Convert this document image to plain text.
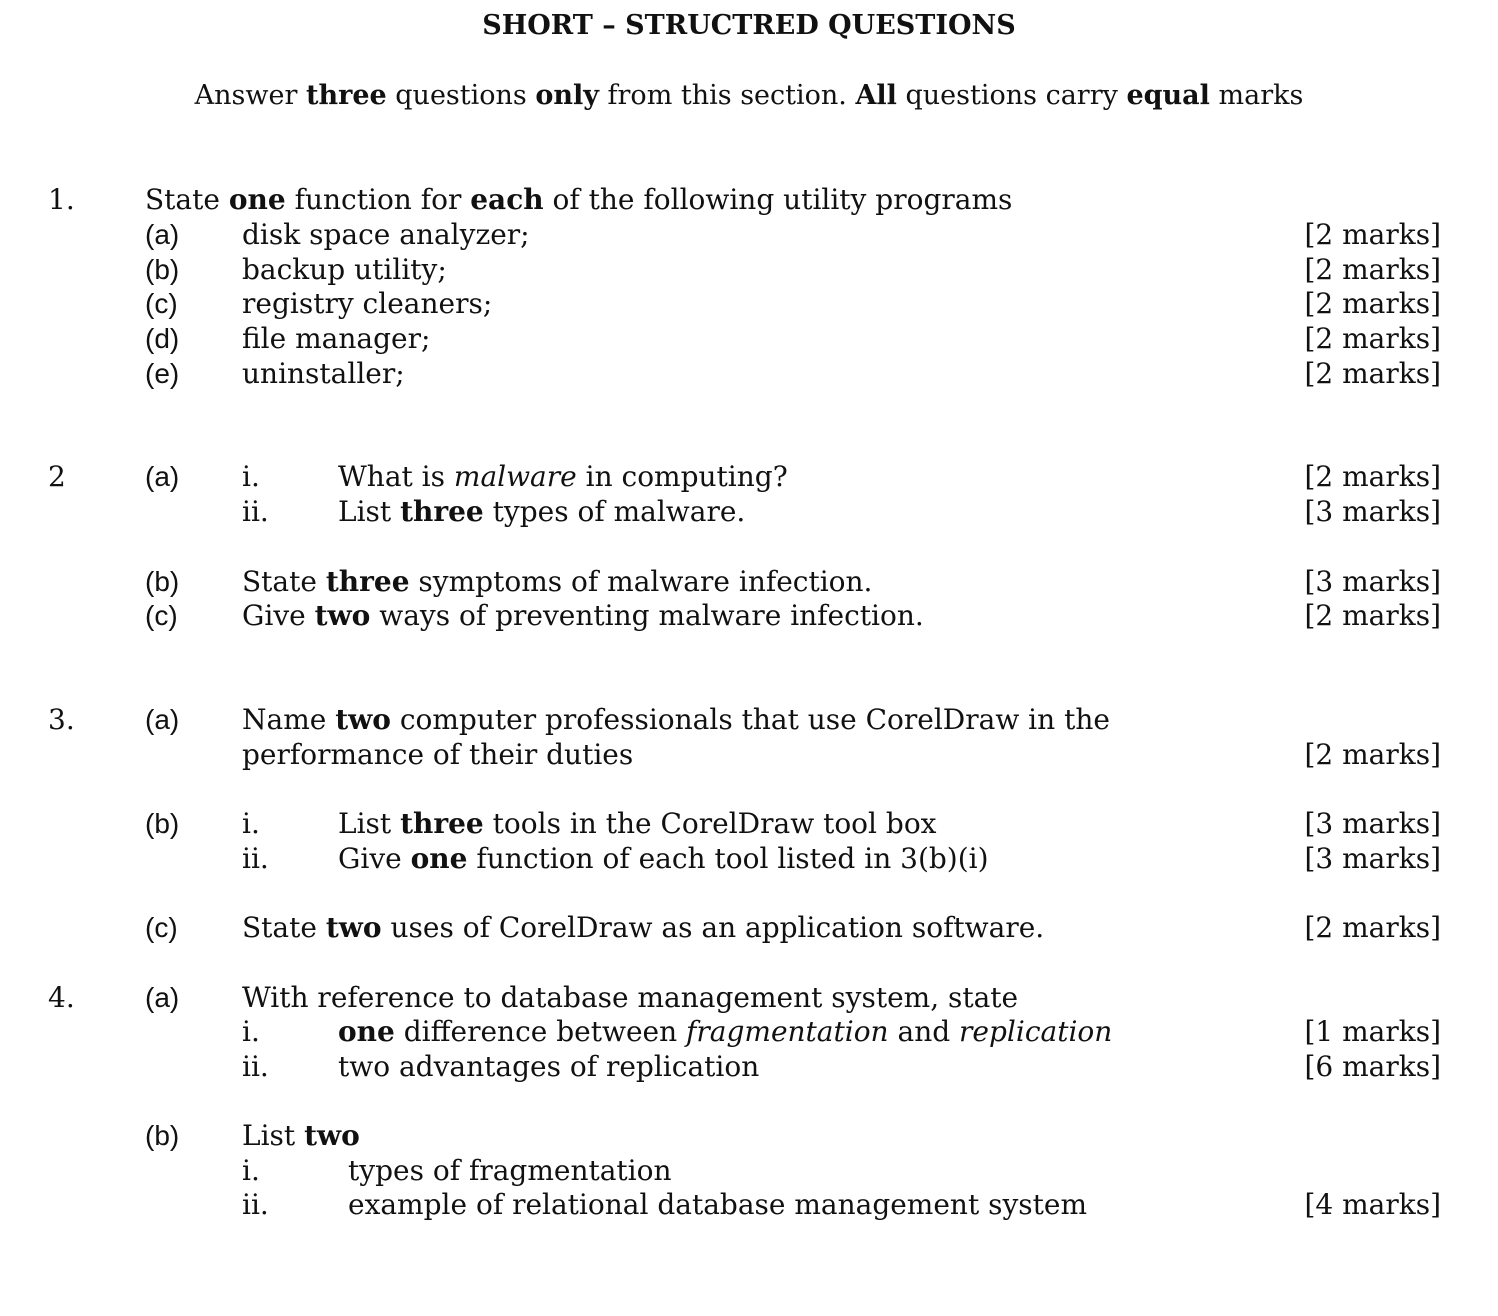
SHORT – STRUCTRED QUESTIONS
Answer three questions only from this section. All questions carry equal marks
1.	State one function for each of the following utility programs
(a) disk space analyzer;	[2 marks]
(b) backup utility;	[2 marks]
(c) registry cleaners;	[2 marks]
(d) file manager;	[2 marks]
(e) uninstaller;	[2 marks]
2	(a) i.	What is malware in computing?	[2 marks]
ii. List three types of malware.	[3 marks]
(b) State three symptoms of malware infection.	[3 marks]
(c) Give two ways of preventing malware infection.	[2 marks]
3.	(a) Name two computer professionals that use CorelDraw in the
performance of their duties	[2 marks]
(b) i.	List three tools in the CorelDraw tool box	[3 marks]
ii. Give one function of each tool listed in 3(b)(i)	[3 marks]
(c) State two uses of CorelDraw as an application software.	[2 marks]
4.	(a) With reference to database management system, state
i.	one difference between fragmentation and replication	[1 marks]
ii. two advantages of replication	[6 marks]
(b) List two
i.	types of fragmentation
ii.	example of relational database management system	[4 marks]
